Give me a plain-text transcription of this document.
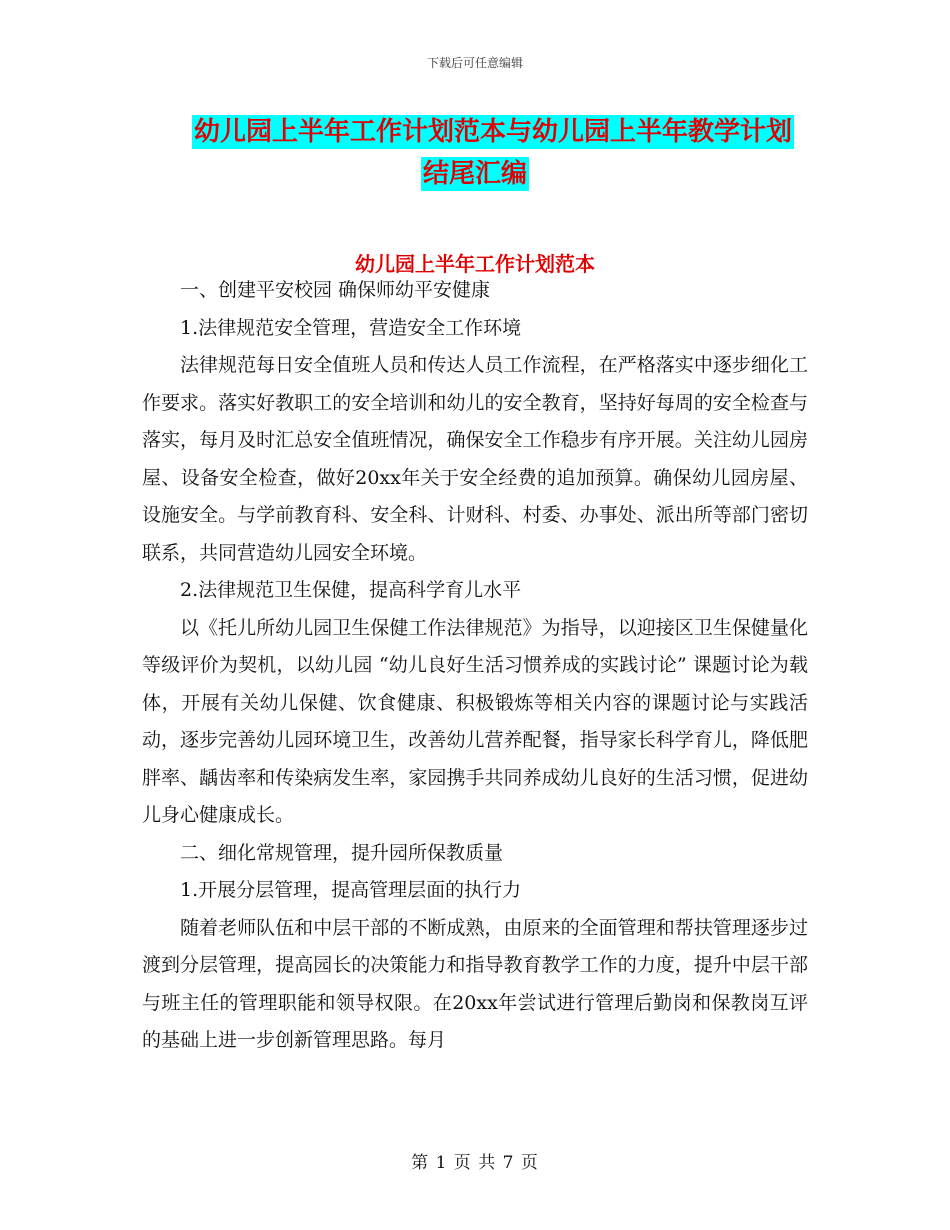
下载后可任意编辑
幼儿园上半年工作计划范本与幼儿园上半年教学计划
结尾汇编
幼儿园上半年工作计划范本

一、创建平安校园 确保师幼平安健康

1.法律规范安全管理，营造安全工作环境

法律规范每日安全值班人员和传达人员工作流程，在严格落实中逐步细化工作要求。落实好教职工的安全培训和幼儿的安全教育，坚持好每周的安全检查与落实，每月及时汇总安全值班情况，确保安全工作稳步有序开展。关注幼儿园房屋、设备安全检查，做好20xx年关于安全经费的追加预算。确保幼儿园房屋、设施安全。与学前教育科、安全科、计财科、村委、办事处、派出所等部门密切联系，共同营造幼儿园安全环境。

2.法律规范卫生保健，提高科学育儿水平

以《托儿所幼儿园卫生保健工作法律规范》为指导，以迎接区卫生保健量化等级评价为契机，以幼儿园 “幼儿良好生活习惯养成的实践讨论” 课题讨论为载体，开展有关幼儿保健、饮食健康、积极锻炼等相关内容的课题讨论与实践活动，逐步完善幼儿园环境卫生，改善幼儿营养配餐，指导家长科学育儿，降低肥胖率、龋齿率和传染病发生率，家园携手共同养成幼儿良好的生活习惯，促进幼儿身心健康成长。

二、细化常规管理，提升园所保教质量

1.开展分层管理，提高管理层面的执行力

随着老师队伍和中层干部的不断成熟，由原来的全面管理和帮扶管理逐步过渡到分层管理，提高园长的决策能力和指导教育教学工作的力度，提升中层干部与班主任的管理职能和领导权限。在20xx年尝试进行管理后勤岗和保教岗互评的基础上进一步创新管理思路。每月

第 1 页 共 7 页
